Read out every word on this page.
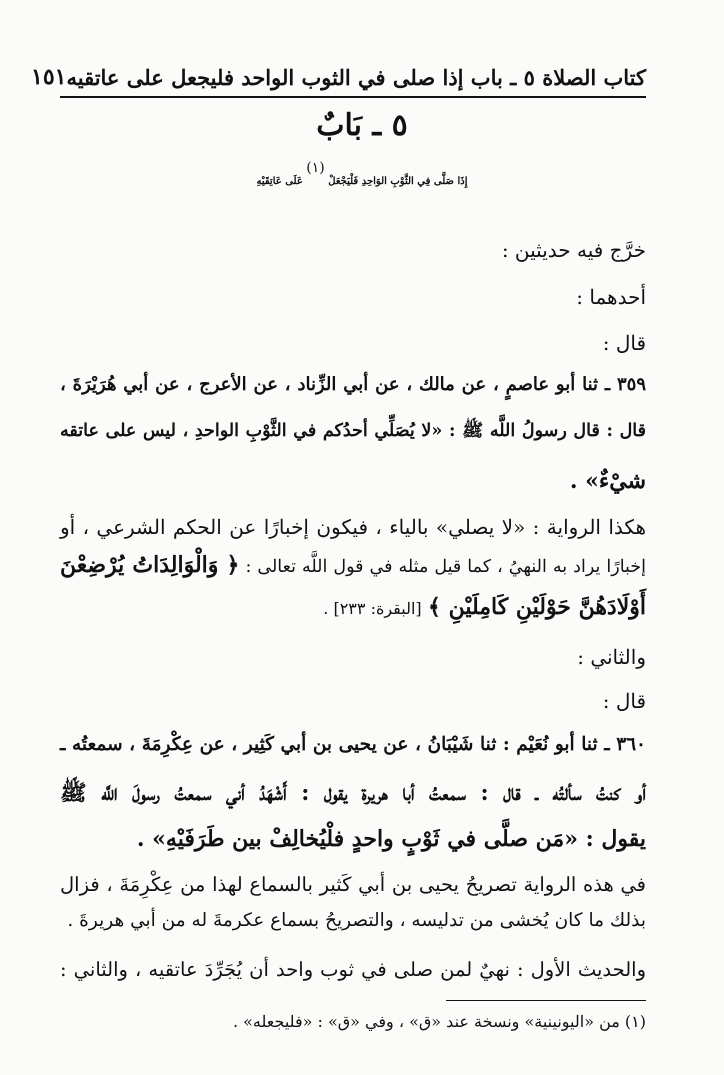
كتاب الصلاة ٥ ـ باب إذا صلى في الثوب الواحد فليجعل على عاتقيه
١٥١
٥ ـ بَابٌ
إِذَا صَلَّى فِي الثَّوْبِ الوَاحِدِ فَلْيَجْعَلْ $^{(١)}$ عَلَى عَاتِقَيْهِ
خرَّج فيه حديثين :
أحدهما :
قال :
٣٥٩ ـ ثنا أبو عاصمٍ ، عن مالك ، عن أبي الزِّناد ، عن الأعرج ، عن أبي هُرَيْرَةَ ،
قال : قال رسولُ اللَّه ﷺ : «لا يُصَلِّي أحدُكم في الثَّوْبِ الواحدِ ، ليس على عاتقه
شيْءٌ» .
هكذا الرواية : «لا يصلي» بالياء ، فيكون إخبارًا عن الحكم الشرعي ، أو
إخبارًا يراد به النهيُ ، كما قيل مثله في قول اللَّه تعالى : ﴿ وَالْوَالِدَاتُ يُرْضِعْنَ
أَوْلَادَهُنَّ حَوْلَيْنِ كَامِلَيْنِ ﴾ [البقرة: ٢٣٣] .
والثاني :
قال :
٣٦٠ ـ ثنا أبو نُعَيْم : ثنا شَيْبَانُ ، عن يحيى بن أبي كَثِير ، عن عِكْرِمَةَ ، سمعتُه ـ
أو كنتُ سألتُه ـ قال : سمعتُ أبا هريرة يقول : أَشْهَدُ أني سمعتُ رسولَ اللَّه ﷺ
يقول : «مَن صلَّى في ثَوْبٍ واحدٍ فلْيُخالِفْ بين طَرَفَيْهِ» .
في هذه الرواية تصريحُ يحيى بن أبي كَثير بالسماع لهذا من عِكْرِمَةَ ، فزال
بذلك ما كان يُخشى من تدليسه ، والتصريحُ بسماع عكرمةَ له من أبي هريرةَ .
والحديث الأول : نهيٌ لمن صلى في ثوب واحد أن يُجَرِّدَ عاتقيه ، والثاني :
(١) من «اليونينية» ونسخة عند «ق» ، وفي «ق» : «فليجعله» .
